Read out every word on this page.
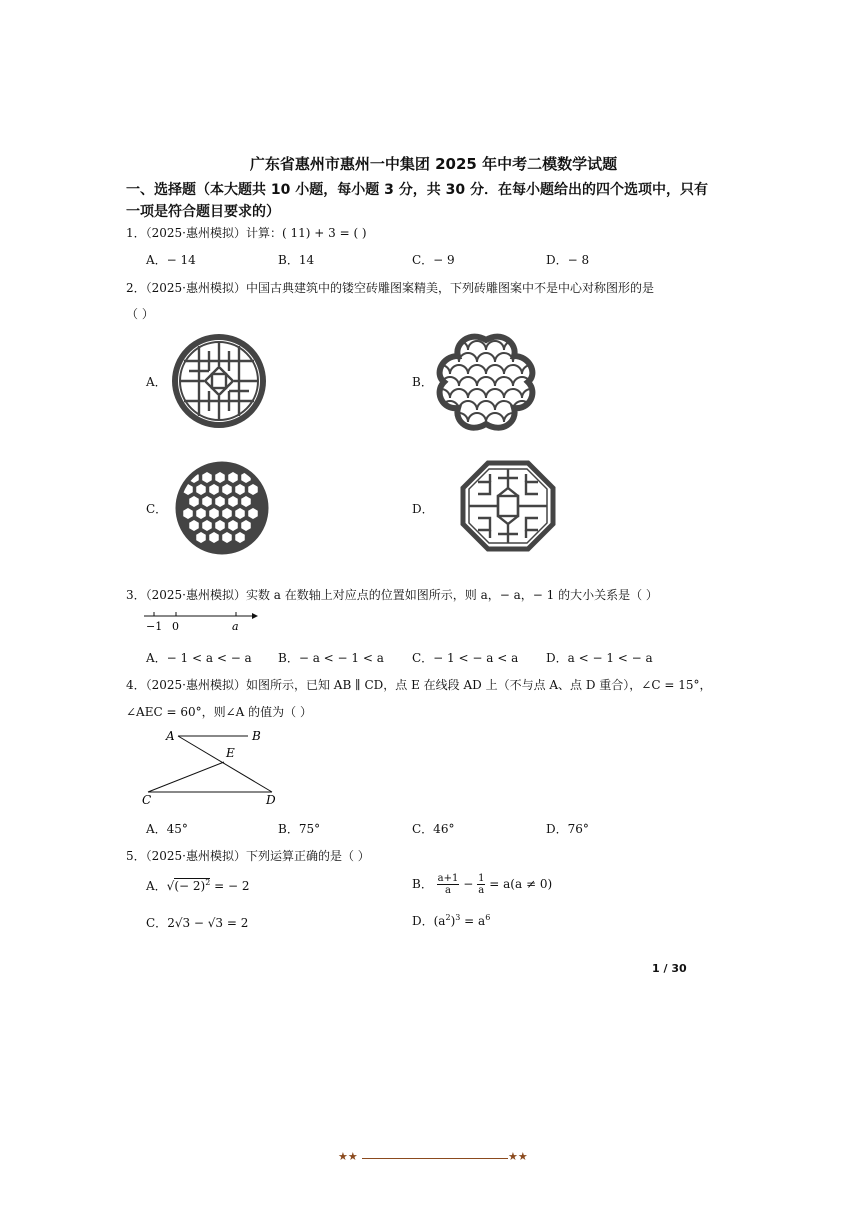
广东省惠州市惠州一中集团 2025 年中考二模数学试题
一、选择题（本大题共 10 小题，每小题 3 分，共 30 分．在每小题给出的四个选项中，只有
一项是符合题目要求的）
1．（2025·惠州模拟）计算：( 11) + 3 = ( )
A．− 14	B．14	C．− 9	D．− 8
2．（2025·惠州模拟）中国古典建筑中的镂空砖雕图案精美，下列砖雕图案中不是中心对称图形的是
（ ）
A．	B．
C．	D．
3．（2025·惠州模拟）实数 a 在数轴上对应点的位置如图所示，则 a，− a，− 1 的大小关系是（ ）
−1 0	a
A．− 1 < a < − a B．− a < − 1 < a C．− 1 < − a < a D．a < − 1 < − a
4．（2025·惠州模拟）如图所示，已知 AB ∥ CD，点 E 在线段 AD 上（不与点 A、点 D 重合），∠C = 15°，
∠AEC = 60°，则∠A 的值为（ ）
A	B
E
C	D
A．45°	B．75°	C．46°	D．76°
5．（2025·惠州模拟）下列运算正确的是（ ）
A．√(− 2)$^2$ = − 2	B． $\frac{a+1}{a} - \frac{1}{a} = a(a \ne 0)$
C．2√3 − √3 = 2	D．$(a^2)^3 = a^6$
1 / 30
★★	★★
